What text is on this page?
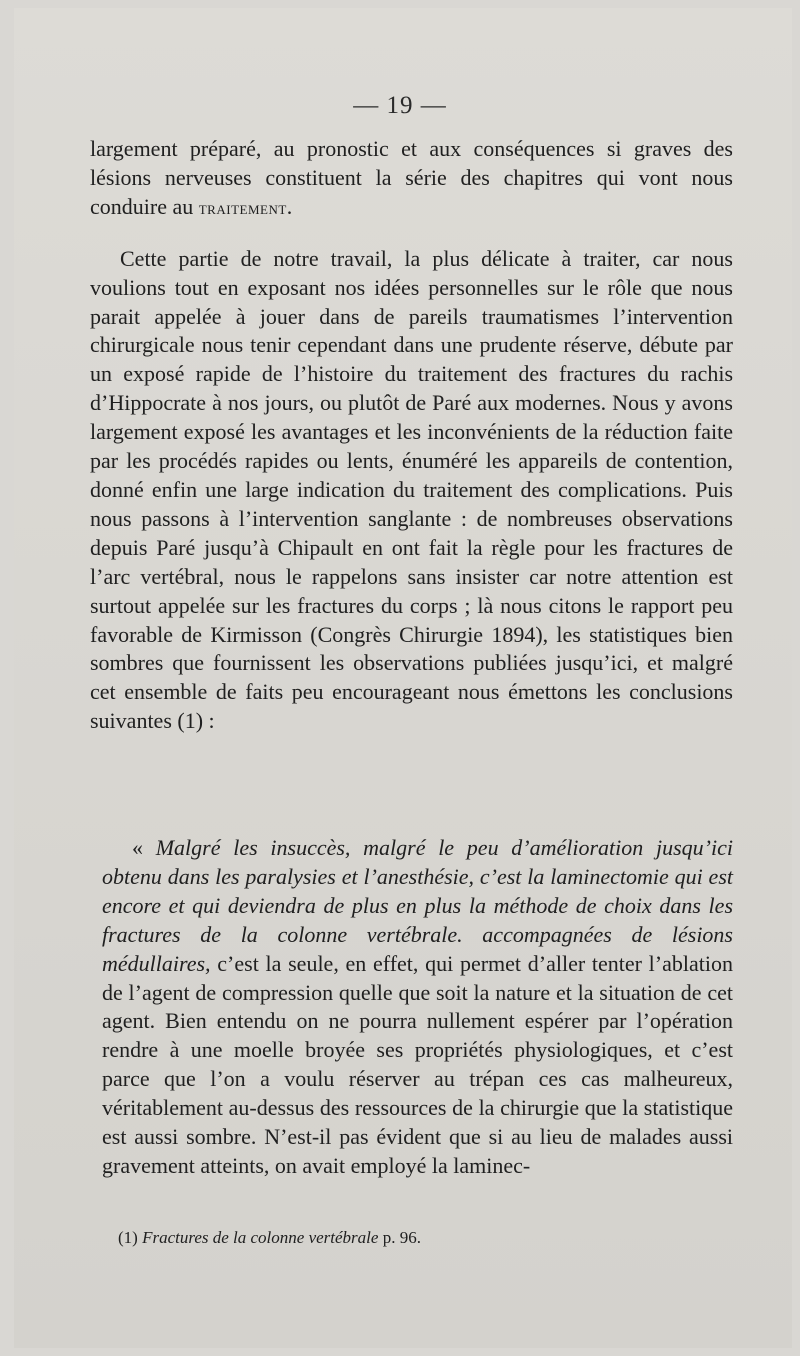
— 19 —

largement préparé, au pronostic et aux conséquences si graves des lésions nerveuses constituent la série des chapitres qui vont nous conduire au traitement.

Cette partie de notre travail, la plus délicate à traiter, car nous voulions tout en exposant nos idées personnelles sur le rôle que nous parait appelée à jouer dans de pareils traumatismes l’intervention chirurgicale nous tenir cependant dans une prudente réserve, débute par un exposé rapide de l’histoire du traitement des fractures du rachis d’Hippocrate à nos jours, ou plutôt de Paré aux modernes. Nous y avons largement exposé les avantages et les inconvénients de la réduction faite par les procédés rapides ou lents, énuméré les appareils de contention, donné enfin une large indication du traitement des complications. Puis nous passons à l’intervention sanglante : de nombreuses observations depuis Paré jusqu’à Chipault en ont fait la règle pour les fractures de l’arc vertébral, nous le rappelons sans insister car notre attention est surtout appelée sur les fractures du corps ; là nous citons le rapport peu favorable de Kirmisson (Congrès Chirurgie 1894), les statistiques bien sombres que fournissent les observations publiées jusqu’ici, et malgré cet ensemble de faits peu encourageant nous émettons les conclusions suivantes (1) :

« Malgré les insuccès, malgré le peu d’amélioration jusqu’ici obtenu dans les paralysies et l’anesthésie, c’est la laminectomie qui est encore et qui deviendra de plus en plus la méthode de choix dans les fractures de la colonne vertébrale. accompagnées de lésions médullaires, c’est la seule, en effet, qui permet d’aller tenter l’ablation de l’agent de compression quelle que soit la nature et la situation de cet agent. Bien entendu on ne pourra nullement espérer par l’opération rendre à une moelle broyée ses propriétés physiologiques, et c’est parce que l’on a voulu réserver au trépan ces cas malheureux, véritablement au-dessus des ressources de la chirurgie que la statistique est aussi sombre. N’est-il pas évident que si au lieu de malades aussi gravement atteints, on avait employé la laminec-

(1) Fractures de la colonne vertébrale p. 96.
